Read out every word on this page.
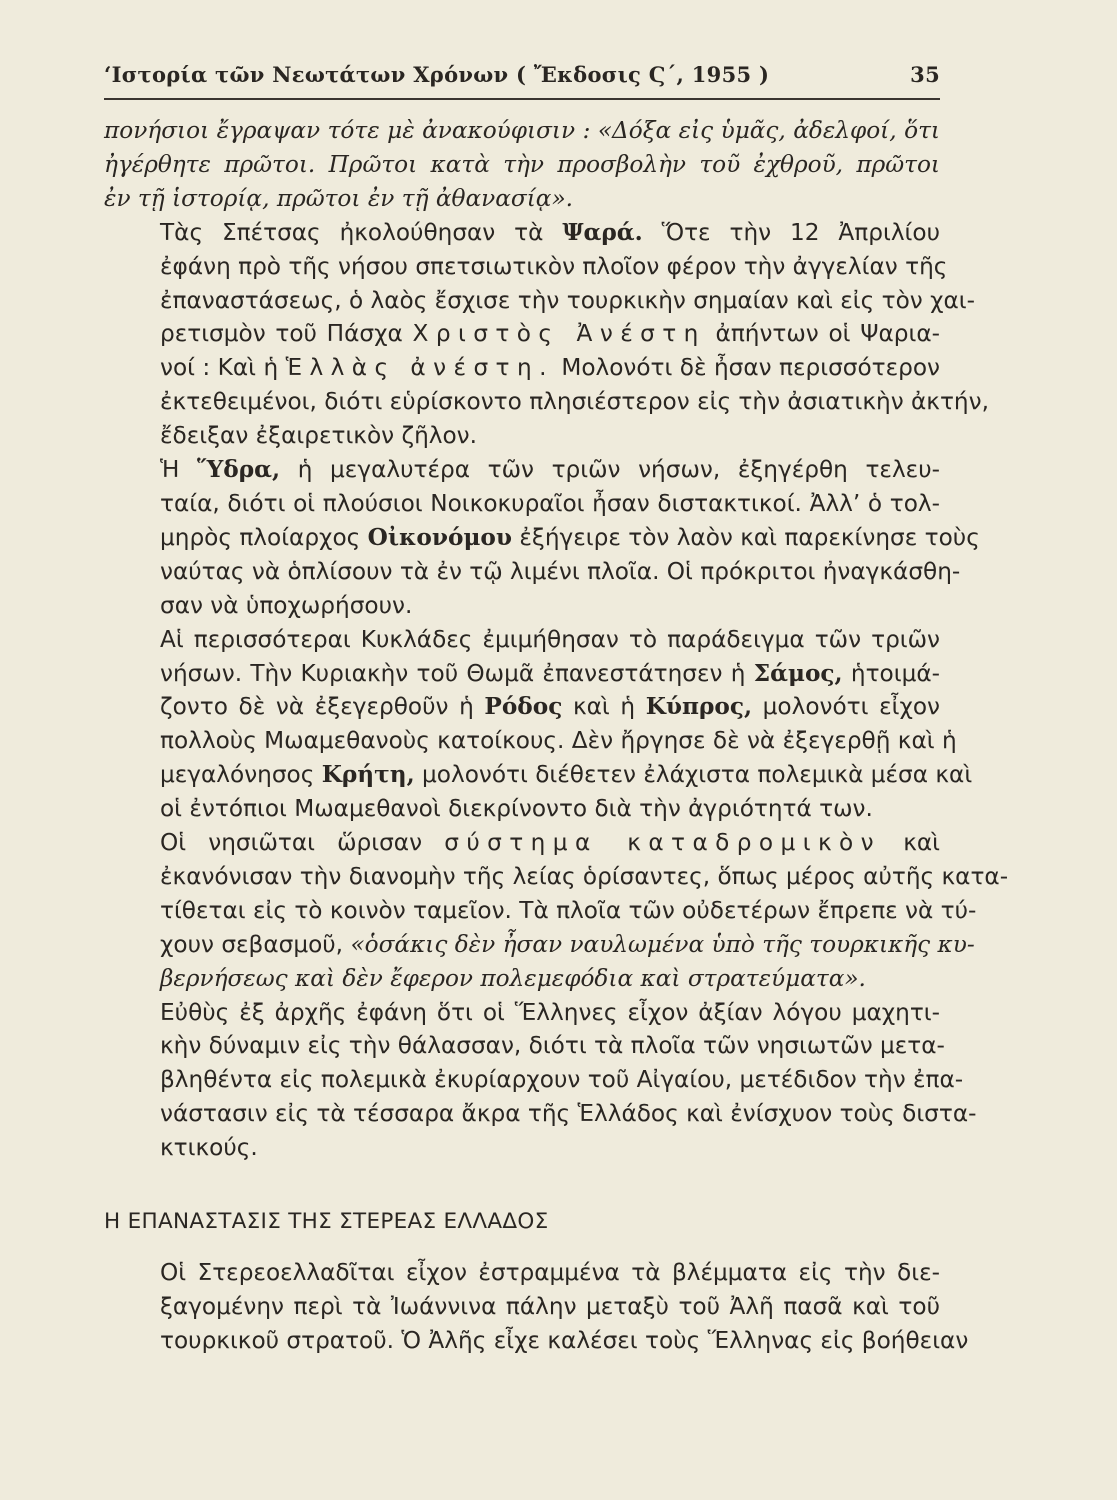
‘Ιστορία τῶν Νεωτάτων Χρόνων ( Ἔκδοσις Ϛ΄, 1955 )	35

πονήσιοι ἔγραψαν τότε μὲ ἀνακούφισιν : «Δόξα εἰς ὑμᾶς, ἀδελφοί, ὅτι
ἠγέρθητε πρῶτοι. Πρῶτοι κατὰ τὴν προσβολὴν τοῦ ἐχθροῦ, πρῶτοι
ἐν τῇ ἱστορίᾳ, πρῶτοι ἐν τῇ ἀθανασίᾳ».

Τὰς Σπέτσας ἠκολούθησαν τὰ Ψαρά. Ὅτε τὴν 12 Ἀπριλίου
ἐφάνη πρὸ τῆς νήσου σπετσιωτικὸν πλοῖον φέρον τὴν ἀγγελίαν τῆς
ἐπαναστάσεως, ὁ λαὸς ἔσχισε τὴν τουρκικὴν σημαίαν καὶ εἰς τὸν χαι-
ρετισμὸν τοῦ Πάσχα Χριστὸς Ἀνέστη ἀπήντων οἱ Ψαρια-
νοί : Καὶ ἡ Ἑλλὰς ἀνέστη. Μολονότι δὲ ἦσαν περισσότερον
ἐκτεθειμένοι, διότι εὑρίσκοντο πλησιέστερον εἰς τὴν ἀσιατικὴν ἀκτήν,
ἔδειξαν ἐξαιρετικὸν ζῆλον.

Ἡ Ὕδρα, ἡ μεγαλυτέρα τῶν τριῶν νήσων, ἐξηγέρθη τελευ-
ταία, διότι οἱ πλούσιοι Νοικοκυραῖοι ἦσαν διστακτικοί. Ἀλλ’ ὁ τολ-
μηρὸς πλοίαρχος Οἰκονόμου ἐξήγειρε τὸν λαὸν καὶ παρεκίνησε τοὺς
ναύτας νὰ ὁπλίσουν τὰ ἐν τῷ λιμένι πλοῖα. Οἱ πρόκριτοι ἠναγκάσθη-
σαν νὰ ὑποχωρήσουν.

Αἱ περισσότεραι Κυκλάδες ἐμιμήθησαν τὸ παράδειγμα τῶν τριῶν
νήσων. Τὴν Κυριακὴν τοῦ Θωμᾶ ἐπανεστάτησεν ἡ Σάμος, ἡτοιμά-
ζοντο δὲ νὰ ἐξεγερθοῦν ἡ Ρόδος καὶ ἡ Κύπρος, μολονότι εἶχον
πολλοὺς Μωαμεθανοὺς κατοίκους. Δὲν ἤργησε δὲ νὰ ἐξεγερθῇ καὶ ἡ
μεγαλόνησος Κρήτη, μολονότι διέθετεν ἐλάχιστα πολεμικὰ μέσα καὶ
οἱ ἐντόπιοι Μωαμεθανοὶ διεκρίνοντο διὰ τὴν ἀγριότητά των.

Οἱ νησιῶται ὥρισαν σύστημα καταδρομικὸν καὶ
ἐκανόνισαν τὴν διανομὴν τῆς λείας ὁρίσαντες, ὅπως μέρος αὐτῆς κατα-
τίθεται εἰς τὸ κοινὸν ταμεῖον. Τὰ πλοῖα τῶν οὐδετέρων ἔπρεπε νὰ τύ-
χουν σεβασμοῦ, «ὁσάκις δὲν ἦσαν ναυλωμένα ὑπὸ τῆς τουρκικῆς κυ-
βερνήσεως καὶ δὲν ἔφερον πολεμεφόδια καὶ στρατεύματα».

Εὐθὺς ἐξ ἀρχῆς ἐφάνη ὅτι οἱ Ἕλληνες εἶχον ἀξίαν λόγου μαχητι-
κὴν δύναμιν εἰς τὴν θάλασσαν, διότι τὰ πλοῖα τῶν νησιωτῶν μετα-
βληθέντα εἰς πολεμικὰ ἐκυρίαρχουν τοῦ Αἰγαίου, μετέδιδον τὴν ἐπα-
νάστασιν εἰς τὰ τέσσαρα ἄκρα τῆς Ἑλλάδος καὶ ἐνίσχυον τοὺς διστα-
κτικούς.

Η ΕΠΑΝΑΣΤΑΣΙΣ ΤΗΣ ΣΤΕΡΕΑΣ ΕΛΛΑΔΟΣ

Οἱ Στερεοελλαδῖται εἶχον ἐστραμμένα τὰ βλέμματα εἰς τὴν διε-
ξαγομένην περὶ τὰ Ἰωάννινα πάλην μεταξὺ τοῦ Ἀλῆ πασᾶ καὶ τοῦ
τουρκικοῦ στρατοῦ. Ὁ Ἀλῆς εἶχε καλέσει τοὺς Ἕλληνας εἰς βοήθειαν
